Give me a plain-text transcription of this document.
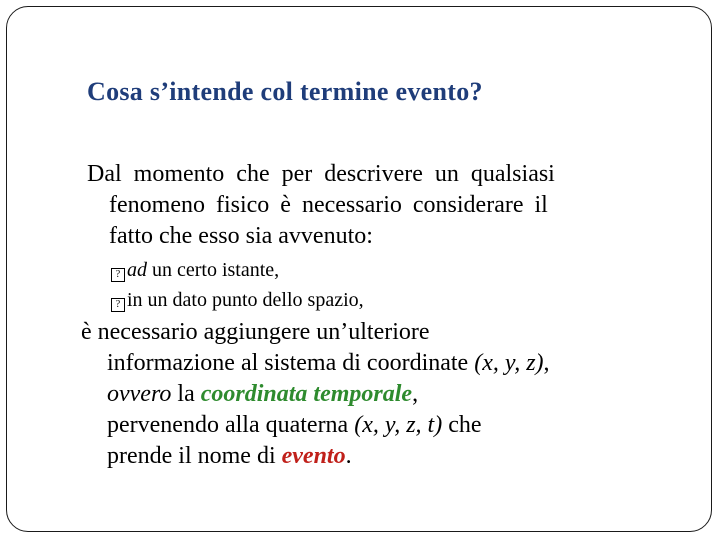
Cosa s’intende col termine evento?
Dal momento che per descrivere un qualsiasi
fenomeno fisico è necessario considerare il
fatto che esso sia avvenuto:
? ad un certo istante,
? in un dato punto dello spazio,
è necessario aggiungere un’ulteriore
informazione al sistema di coordinate (x, y, z),
ovvero la coordinata temporale,
pervenendo alla quaterna (x, y, z, t) che
prende il nome di evento.
